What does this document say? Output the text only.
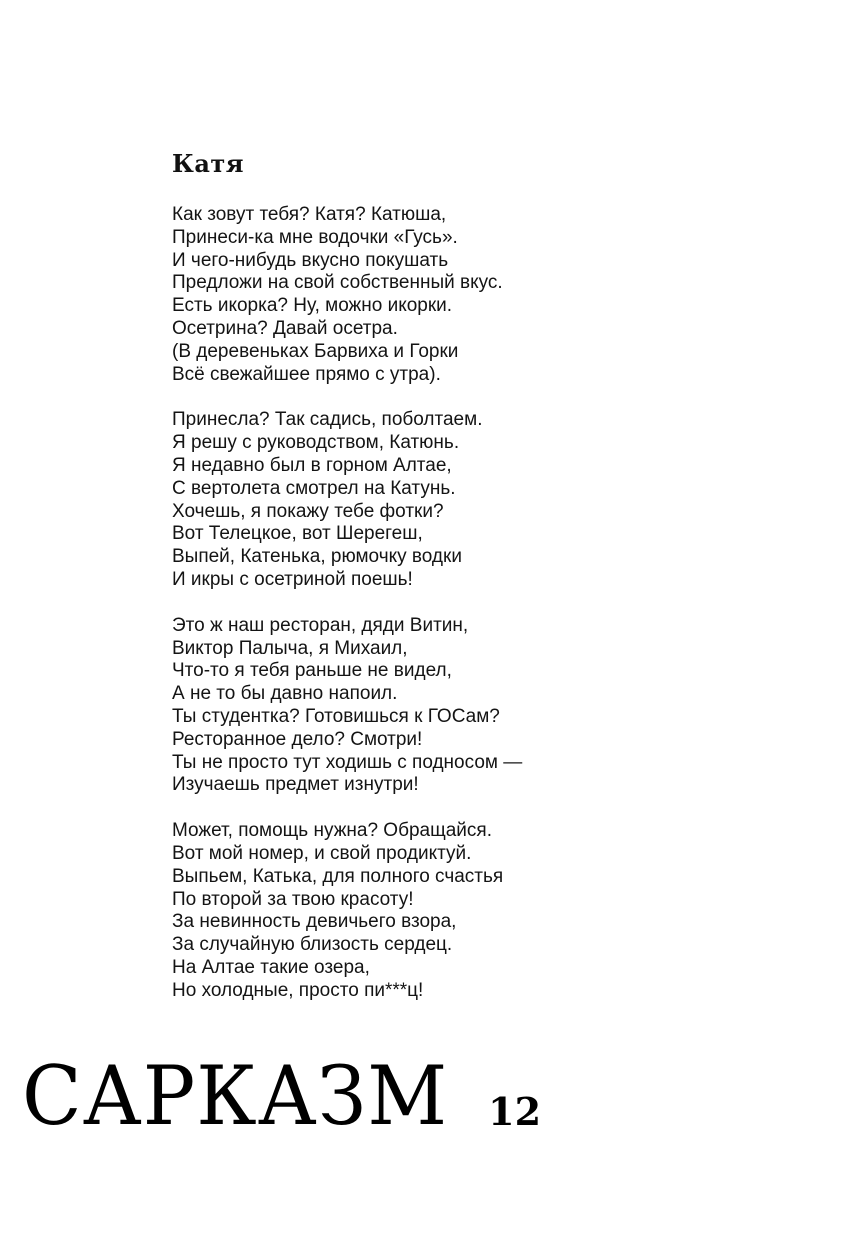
Катя
Как зовут тебя? Катя? Катюша,
Принеси-ка мне водочки «Гусь».
И чего-нибудь вкусно покушать
Предложи на свой собственный вкус.
Есть икорка? Ну, можно икорки.
Осетрина? Давай осетра.
(В деревеньках Барвиха и Горки
Всё свежайшее прямо с утра).
Принесла? Так садись, поболтаем.
Я решу с руководством, Катюнь.
Я недавно был в горном Алтае,
С вертолета смотрел на Катунь.
Хочешь, я покажу тебе фотки?
Вот Телецкое, вот Шерегеш,
Выпей, Катенька, рюмочку водки
И икры с осетриной поешь!
Это ж наш ресторан, дяди Витин,
Виктор Палыча, я Михаил,
Что-то я тебя раньше не видел,
А не то бы давно напоил.
Ты студентка? Готовишься к ГОСам?
Ресторанное дело? Смотри!
Ты не просто тут ходишь с подносом —
Изучаешь предмет изнутри!
Может, помощь нужна? Обращайся.
Вот мой номер, и свой продиктуй.
Выпьем, Катька, для полного счастья
По второй за твою красоту!
За невинность девичьего взора,
За случайную близость сердец.
На Алтае такие озера,
Но холодные, просто пи***ц!
САРКАЗМ 12
